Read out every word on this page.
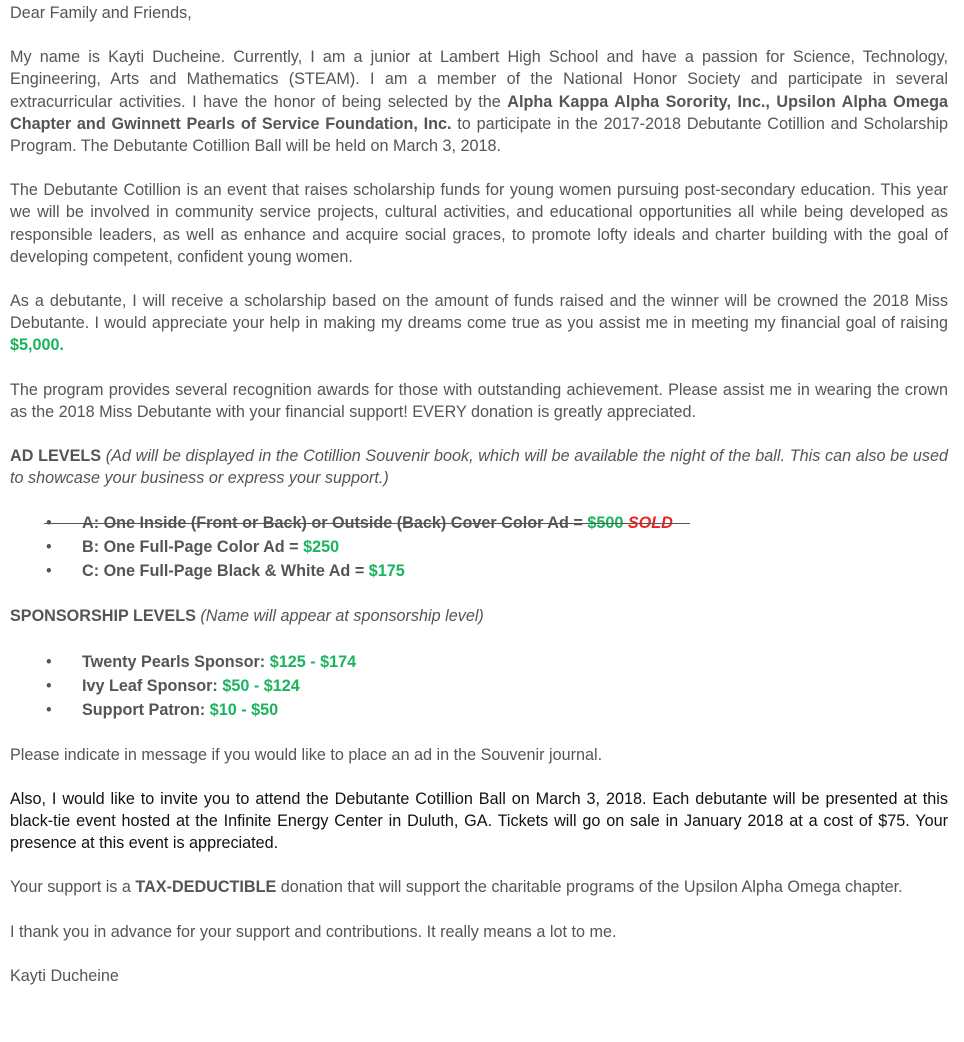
Dear Family and Friends,

My name is Kayti Ducheine. Currently, I am a junior at Lambert High School and have a passion for Science, Technology, Engineering, Arts and Mathematics (STEAM). I am a member of the National Honor Society and participate in several extracurricular activities. I have the honor of being selected by the Alpha Kappa Alpha Sorority, Inc., Upsilon Alpha Omega Chapter and Gwinnett Pearls of Service Foundation, Inc. to participate in the 2017-2018 Debutante Cotillion and Scholarship Program. The Debutante Cotillion Ball will be held on March 3, 2018.

The Debutante Cotillion is an event that raises scholarship funds for young women pursuing post-secondary education. This year we will be involved in community service projects, cultural activities, and educational opportunities all while being developed as responsible leaders, as well as enhance and acquire social graces, to promote lofty ideals and charter building with the goal of developing competent, confident young women.

As a debutante, I will receive a scholarship based on the amount of funds raised and the winner will be crowned the 2018 Miss Debutante. I would appreciate your help in making my dreams come true as you assist me in meeting my financial goal of raising $5,000.

The program provides several recognition awards for those with outstanding achievement. Please assist me in wearing the crown as the 2018 Miss Debutante with your financial support! EVERY donation is greatly appreciated.

AD LEVELS (Ad will be displayed in the Cotillion Souvenir book, which will be available the night of the ball. This can also be used to showcase your business or express your support.)

• A: One Inside (Front or Back) or Outside (Back) Cover Color Ad = $500 SOLD
• B: One Full-Page Color Ad = $250
• C: One Full-Page Black & White Ad = $175

SPONSORSHIP LEVELS (Name will appear at sponsorship level)

• Twenty Pearls Sponsor: $125 - $174
• Ivy Leaf Sponsor: $50 - $124
• Support Patron: $10 - $50

Please indicate in message if you would like to place an ad in the Souvenir journal.

Also, I would like to invite you to attend the Debutante Cotillion Ball on March 3, 2018. Each debutante will be presented at this black-tie event hosted at the Infinite Energy Center in Duluth, GA. Tickets will go on sale in January 2018 at a cost of $75. Your presence at this event is appreciated.

Your support is a TAX-DEDUCTIBLE donation that will support the charitable programs of the Upsilon Alpha Omega chapter.

I thank you in advance for your support and contributions. It really means a lot to me.

Kayti Ducheine
